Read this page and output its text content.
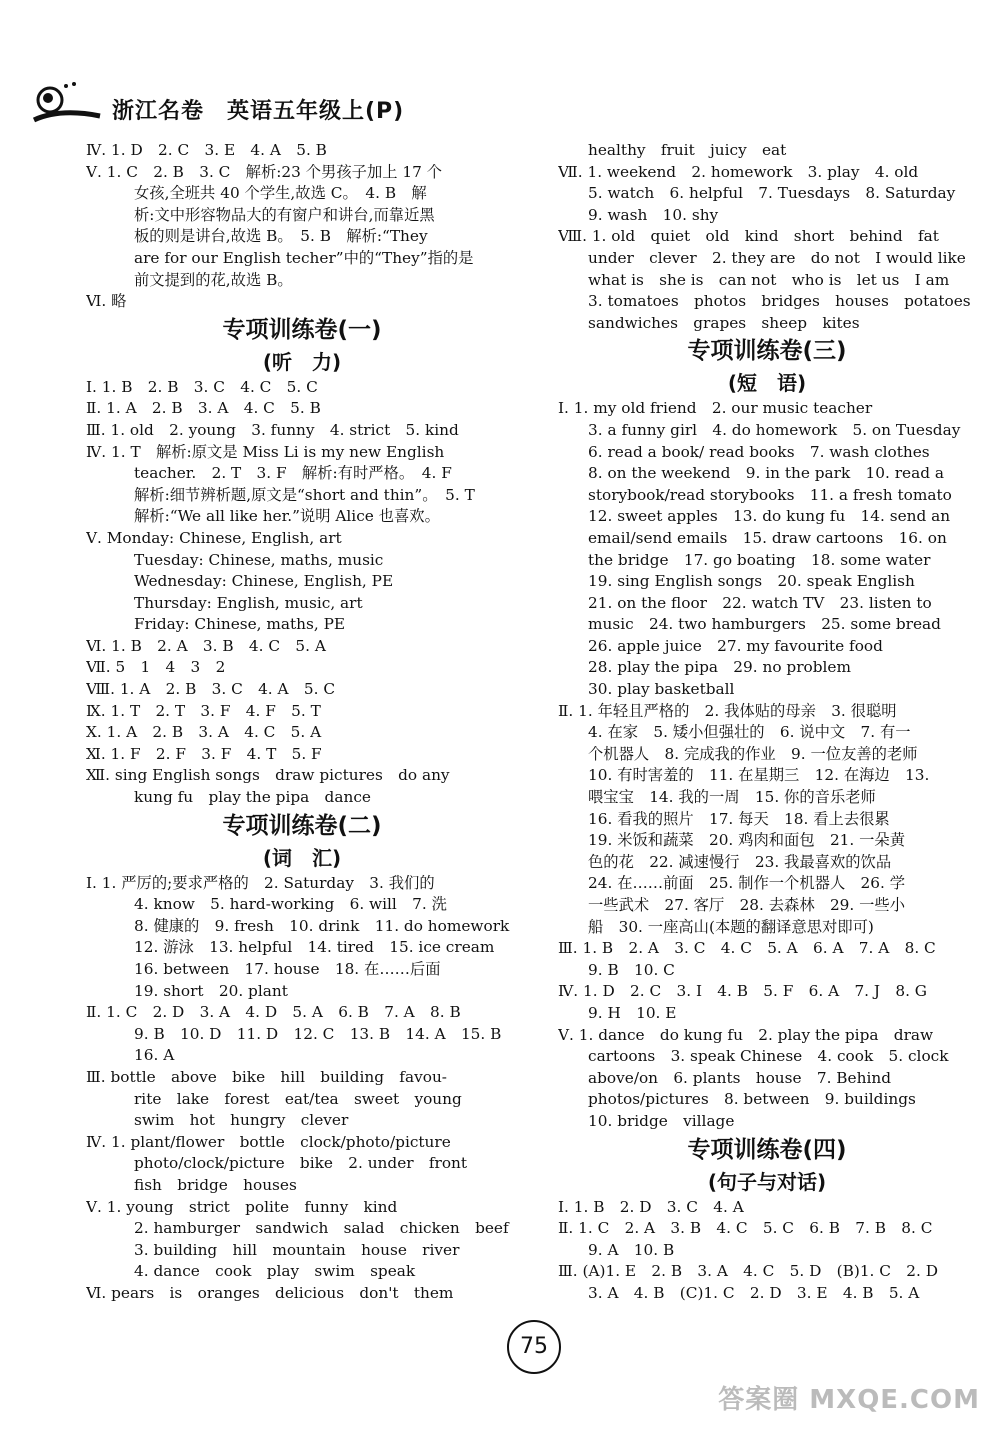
浙江名卷　英语五年级上(P)
Ⅳ. 1. D　2. C　3. E　4. A　5. B
Ⅴ. 1. C　2. B　3. C　解析:23 个男孩子加上 17 个
女孩,全班共 40 个学生,故选 C。　4. B　解
析:文中形容物品大的有窗户和讲台,而靠近黑
板的则是讲台,故选 B。　5. B　解析:“They
are for our English techer”中的“They”指的是
前文提到的花,故选 B。
Ⅵ. 略
专项训练卷(一)
(听　力)
Ⅰ. 1. B　2. B　3. C　4. C　5. C
Ⅱ. 1. A　2. B　3. A　4. C　5. B
Ⅲ. 1. old　2. young　3. funny　4. strict　5. kind
Ⅳ. 1. T　解析:原文是 Miss Li is my new English
teacher.　2. T　3. F　解析:有时严格。　4. F
解析:细节辨析题,原文是“short and thin”。　5. T
解析:“We all like her.”说明 Alice 也喜欢。
Ⅴ. Monday: Chinese, English, art
Tuesday: Chinese, maths, music
Wednesday: Chinese, English, PE
Thursday: English, music, art
Friday: Chinese, maths, PE
Ⅵ. 1. B　2. A　3. B　4. C　5. A
Ⅶ. 5　1　4　3　2
Ⅷ. 1. A　2. B　3. C　4. A　5. C
Ⅸ. 1. T　2. T　3. F　4. F　5. T
Ⅹ. 1. A　2. B　3. A　4. C　5. A
Ⅺ. 1. F　2. F　3. F　4. T　5. F
Ⅻ. sing English songs　draw pictures　do any
kung fu　play the pipa　dance
专项训练卷(二)
(词　汇)
Ⅰ. 1. 严厉的;要求严格的　2. Saturday　3. 我们的
4. know　5. hard-working　6. will　7. 洗
8. 健康的　9. fresh　10. drink　11. do homework
12. 游泳　13. helpful　14. tired　15. ice cream
16. between　17. house　18. 在……后面
19. short　20. plant
Ⅱ. 1. C　2. D　3. A　4. D　5. A　6. B　7. A　8. B
9. B　10. D　11. D　12. C　13. B　14. A　15. B
16. A
Ⅲ. bottle　above　bike　hill　building　favou-
rite　lake　forest　eat/tea　sweet　young
swim　hot　hungry　clever
Ⅳ. 1. plant/flower　bottle　clock/photo/picture
photo/clock/picture　bike　2. under　front
fish　bridge　houses
Ⅴ. 1. young　strict　polite　funny　kind
2. hamburger　sandwich　salad　chicken　beef
3. building　hill　mountain　house　river
4. dance　cook　play　swim　speak
Ⅵ. pears　is　oranges　delicious　don't　them
healthy　fruit　juicy　eat
Ⅶ. 1. weekend　2. homework　3. play　4. old
5. watch　6. helpful　7. Tuesdays　8. Saturday
9. wash　10. shy
Ⅷ. 1. old　quiet　old　kind　short　behind　fat
under　clever　2. they are　do not　I would like
what is　she is　can not　who is　let us　I am
3. tomatoes　photos　bridges　houses　potatoes
sandwiches　grapes　sheep　kites
专项训练卷(三)
(短　语)
Ⅰ. 1. my old friend　2. our music teacher
3. a funny girl　4. do homework　5. on Tuesday
6. read a book/ read books　7. wash clothes
8. on the weekend　9. in the park　10. read a
storybook/read storybooks　11. a fresh tomato
12. sweet apples　13. do kung fu　14. send an
email/send emails　15. draw cartoons　16. on
the bridge　17. go boating　18. some water
19. sing English songs　20. speak English
21. on the floor　22. watch TV　23. listen to
music　24. two hamburgers　25. some bread
26. apple juice　27. my favourite food
28. play the pipa　29. no problem
30. play basketball
Ⅱ. 1. 年轻且严格的　2. 我体贴的母亲　3. 很聪明
4. 在家　5. 矮小但强壮的　6. 说中文　7. 有一
个机器人　8. 完成我的作业　9. 一位友善的老师
10. 有时害羞的　11. 在星期三　12. 在海边　13.
喂宝宝　14. 我的一周　15. 你的音乐老师
16. 看我的照片　17. 每天　18. 看上去很累
19. 米饭和蔬菜　20. 鸡肉和面包　21. 一朵黄
色的花　22. 减速慢行　23. 我最喜欢的饮品
24. 在……前面　25. 制作一个机器人　26. 学
一些武术　27. 客厅　28. 去森林　29. 一些小
船　30. 一座高山(本题的翻译意思对即可)
Ⅲ. 1. B　2. A　3. C　4. C　5. A　6. A　7. A　8. C
9. B　10. C
Ⅳ. 1. D　2. C　3. I　4. B　5. F　6. A　7. J　8. G
9. H　10. E
Ⅴ. 1. dance　do kung fu　2. play the pipa　draw
cartoons　3. speak Chinese　4. cook　5. clock
above/on　6. plants　house　7. Behind
photos/pictures　8. between　9. buildings
10. bridge　village
专项训练卷(四)
(句子与对话)
Ⅰ. 1. B　2. D　3. C　4. A
Ⅱ. 1. C　2. A　3. B　4. C　5. C　6. B　7. B　8. C
9. A　10. B
Ⅲ. (A)1. E　2. B　3. A　4. C　5. D　(B)1. C　2. D
3. A　4. B　(C)1. C　2. D　3. E　4. B　5. A
75
答案圈 MXQE.COM
